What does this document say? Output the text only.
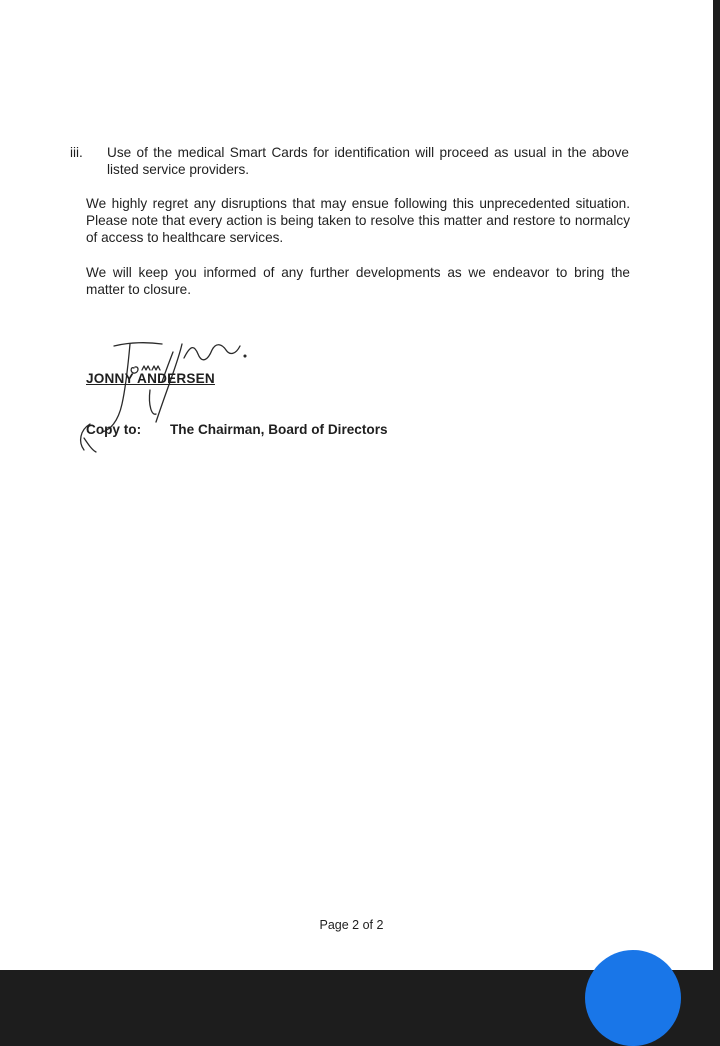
iii. Use of the medical Smart Cards for identification will proceed as usual in the above listed service providers.
We highly regret any disruptions that may ensue following this unprecedented situation. Please note that every action is being taken to resolve this matter and restore to normalcy of access to healthcare services.
We will keep you informed of any further developments as we endeavor to bring the matter to closure.
JONNY ANDERSEN
Copy to: The Chairman, Board of Directors
Page 2 of 2
